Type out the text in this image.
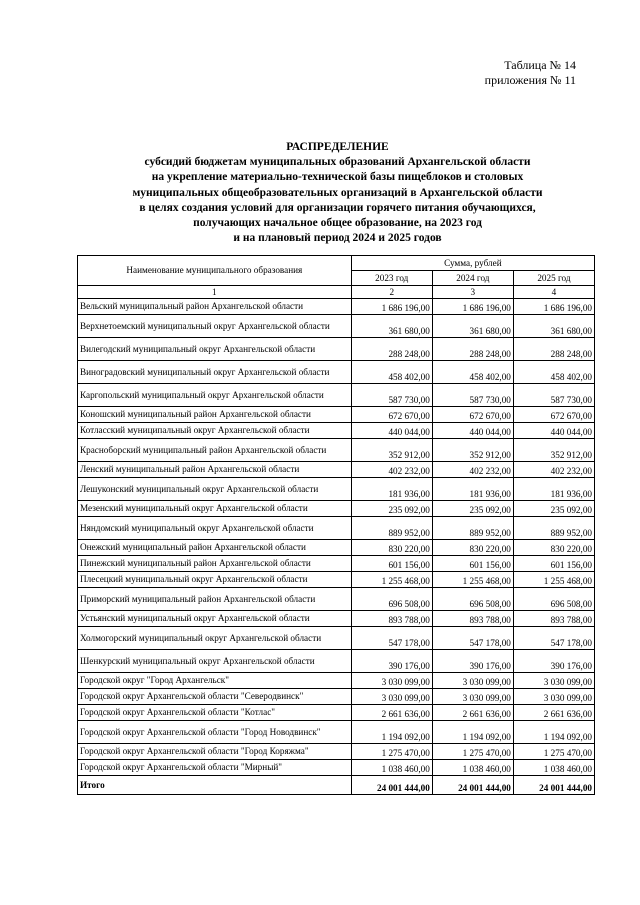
Таблица № 14
приложения № 11
РАСПРЕДЕЛЕНИЕ
субсидий бюджетам муниципальных образований Архангельской области
на укрепление материально-технической базы пищеблоков и столовых
муниципальных общеобразовательных организаций в Архангельской области
в целях создания условий для организации горячего питания обучающихся,
получающих начальное общее образование, на 2023 год
и на плановый период 2024 и 2025 годов
Наименование муниципального образования	Сумма, рублей		
	2023 год	2024 год	2025 год
1	2	3	4
Вельский муниципальный район Архангельской области	1 686 196,00	1 686 196,00	1 686 196,00
Верхнетоемский муниципальный округ Архангельской области	361 680,00	361 680,00	361 680,00
Вилегодский муниципальный округ Архангельской области	288 248,00	288 248,00	288 248,00
Виноградовский муниципальный округ Архангельской области	458 402,00	458 402,00	458 402,00
Каргопольский муниципальный округ Архангельской области	587 730,00	587 730,00	587 730,00
Коношский муниципальный район Архангельской области	672 670,00	672 670,00	672 670,00
Котласский муниципальный округ Архангельской области	440 044,00	440 044,00	440 044,00
Красноборский муниципальный район Архангельской области	352 912,00	352 912,00	352 912,00
Ленский муниципальный район Архангельской области	402 232,00	402 232,00	402 232,00
Лешуконский муниципальный округ Архангельской области	181 936,00	181 936,00	181 936,00
Мезенский муниципальный округ Архангельской области	235 092,00	235 092,00	235 092,00
Няндомский муниципальный округ Архангельской области	889 952,00	889 952,00	889 952,00
Онежский муниципальный район Архангельской области	830 220,00	830 220,00	830 220,00
Пинежский муниципальный район Архангельской области	601 156,00	601 156,00	601 156,00
Плесецкий муниципальный округ Архангельской области	1 255 468,00	1 255 468,00	1 255 468,00
Приморский муниципальный район Архангельской области	696 508,00	696 508,00	696 508,00
Устьянский муниципальный округ Архангельской области	893 788,00	893 788,00	893 788,00
Холмогорский муниципальный округ Архангельской области	547 178,00	547 178,00	547 178,00
Шенкурский муниципальный округ Архангельской области	390 176,00	390 176,00	390 176,00
Городской округ "Город Архангельск"	3 030 099,00	3 030 099,00	3 030 099,00
Городской округ Архангельской области "Северодвинск"	3 030 099,00	3 030 099,00	3 030 099,00
Городской округ Архангельской области "Котлас"	2 661 636,00	2 661 636,00	2 661 636,00
Городской округ Архангельской области "Город Новодвинск"	1 194 092,00	1 194 092,00	1 194 092,00
Городской округ Архангельской области "Город Коряжма"	1 275 470,00	1 275 470,00	1 275 470,00
Городской округ Архангельской области "Мирный"	1 038 460,00	1 038 460,00	1 038 460,00
Итого	24 001 444,00	24 001 444,00	24 001 444,00
